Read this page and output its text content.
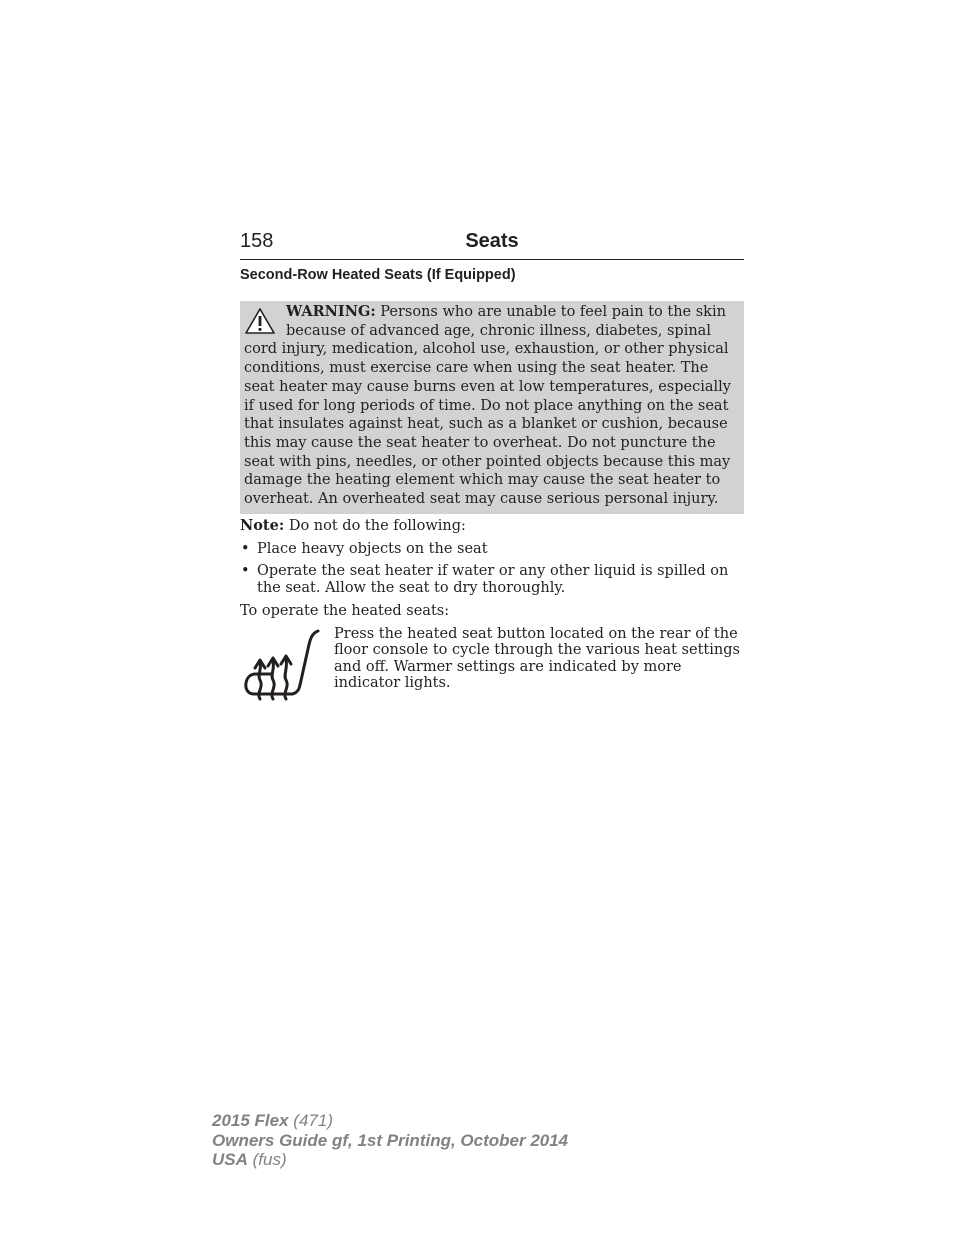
158	Seats
Second-Row Heated Seats (If Equipped)
WARNING: Persons who are unable to feel pain to the skin because of advanced age, chronic illness, diabetes, spinal cord injury, medication, alcohol use, exhaustion, or other physical conditions, must exercise care when using the seat heater. The seat heater may cause burns even at low temperatures, especially if used for long periods of time. Do not place anything on the seat that insulates against heat, such as a blanket or cushion, because this may cause the seat heater to overheat. Do not puncture the seat with pins, needles, or other pointed objects because this may damage the heating element which may cause the seat heater to overheat. An overheated seat may cause serious personal injury.
Note: Do not do the following:
• Place heavy objects on the seat
• Operate the seat heater if water or any other liquid is spilled on the seat. Allow the seat to dry thoroughly.
To operate the heated seats:
Press the heated seat button located on the rear of the floor console to cycle through the various heat settings and off. Warmer settings are indicated by more indicator lights.
2015 Flex (471)
Owners Guide gf, 1st Printing, October 2014
USA (fus)
